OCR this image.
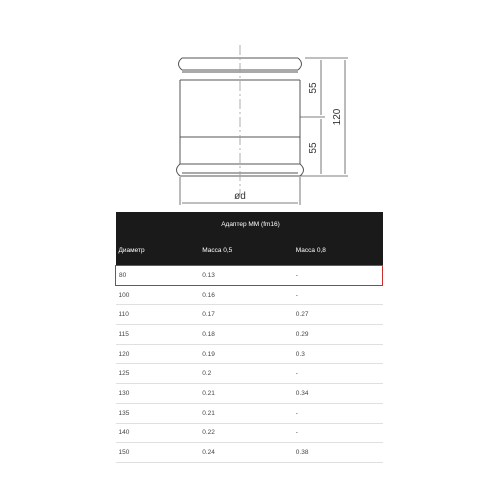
55
55
120
ød
Адаптер ММ (fm16)		
Диаметр	Масса 0,5	Масса 0,8
80	0.13	-
100	0.16	-
110	0.17	0.27
115	0.18	0.29
120	0.19	0.3
125	0.2	-
130	0.21	0.34
135	0.21	-
140	0.22	-
150	0.24	0.38
